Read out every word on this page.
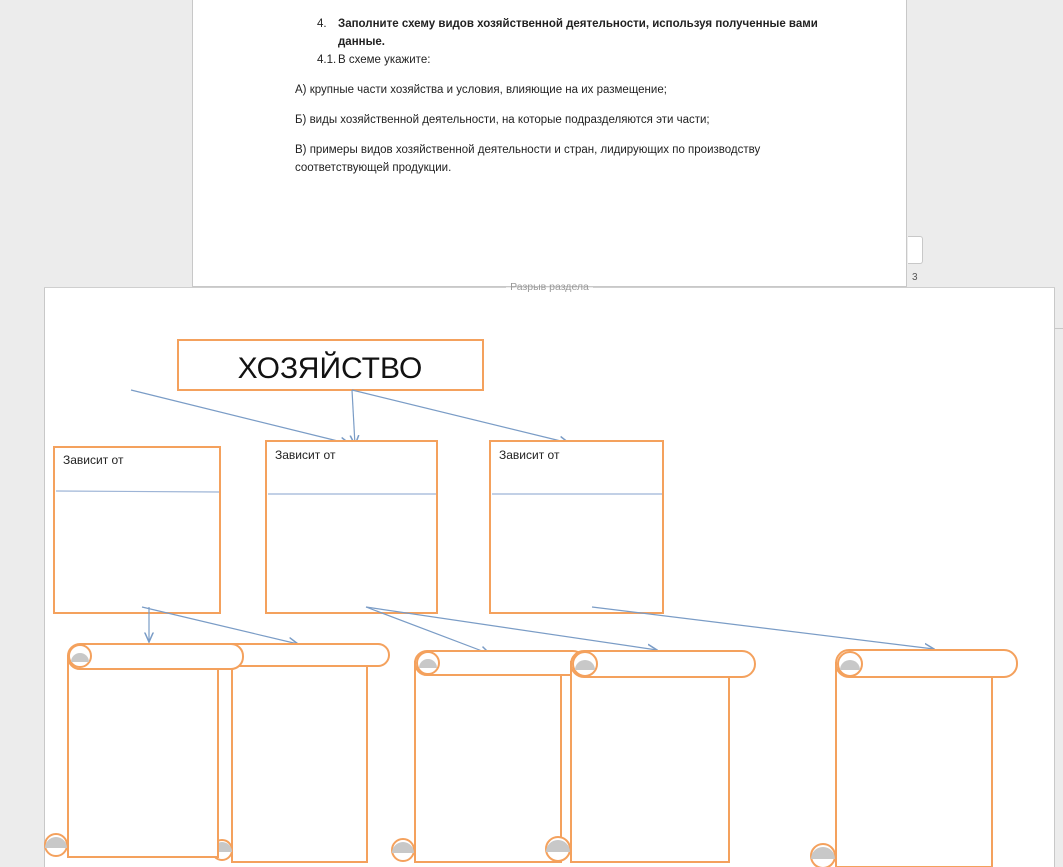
4. Заполните схему видов хозяйственной деятельности, используя полученные вами
данные.
4.1. В схеме укажите:
А) крупные части хозяйства и условия, влияющие на их размещение;
Б) виды хозяйственной деятельности, на которые подразделяются эти части;
В) примеры видов хозяйственной деятельности и стран, лидирующих по производству
соответствующей продукции.
3
Разрыв раздела
ХОЗЯЙСТВО
Зависит от	Зависит от	Зависит от
